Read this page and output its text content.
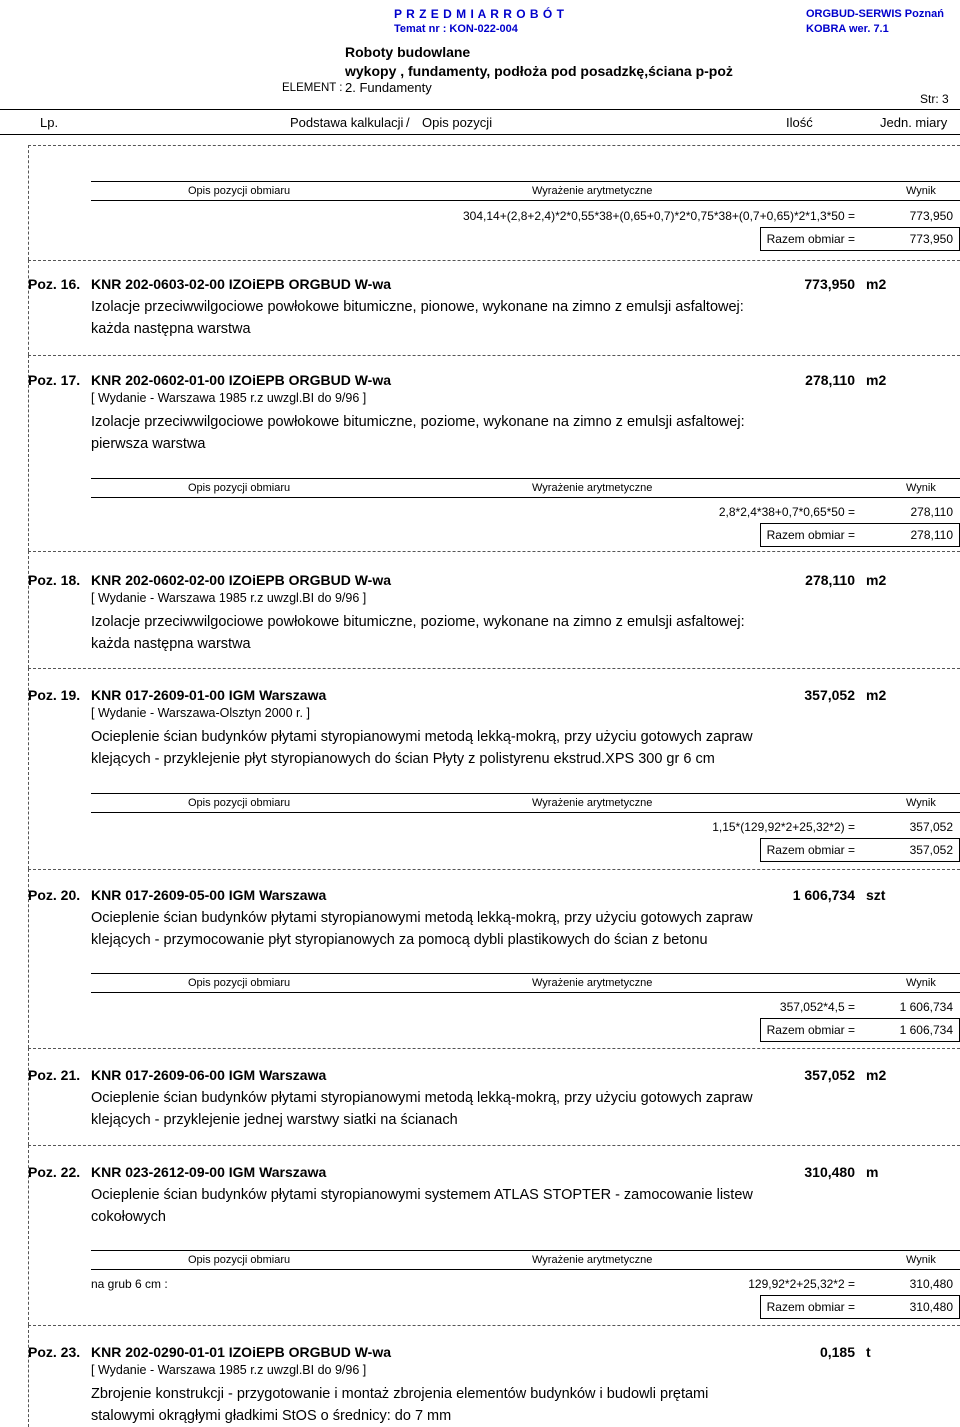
P R Z E D M I A R R O B Ó T
Temat nr : KON-022-004
ORGBUD-SERWIS Poznań
KOBRA wer. 7.1
Roboty budowlane
wykopy , fundamenty, podłoża pod posadzkę,ściana p-poż
ELEMENT : 2. Fundamenty
Str: 3
Lp.	Podstawa kalkulacji / Opis pozycji	Ilość	Jedn. miary
Opis pozycji obmiaru	Wyrażenie arytmetyczne	Wynik
304,14+(2,8+2,4)*2*0,55*38+(0,65+0,7)*2*0,75*38+(0,7+0,65)*2*1,3*50 =	773,950
Razem obmiar =	773,950
Poz. 16. KNR 202-0603-02-00 IZOiEPB ORGBUD W-wa	773,950 m2
Izolacje przeciwwilgociowe powłokowe bitumiczne, pionowe, wykonane na zimno z emulsji asfaltowej: każda następna warstwa
Poz. 17. KNR 202-0602-01-00 IZOiEPB ORGBUD W-wa	278,110 m2
[ Wydanie - Warszawa 1985 r.z uwzgl.BI do 9/96 ]
Izolacje przeciwwilgociowe powłokowe bitumiczne, poziome, wykonane na zimno z emulsji asfaltowej: pierwsza warstwa
Opis pozycji obmiaru	Wyrażenie arytmetyczne	Wynik
2,8*2,4*38+0,7*0,65*50 =	278,110
Razem obmiar =	278,110
Poz. 18. KNR 202-0602-02-00 IZOiEPB ORGBUD W-wa	278,110 m2
[ Wydanie - Warszawa 1985 r.z uwzgl.BI do 9/96 ]
Izolacje przeciwwilgociowe powłokowe bitumiczne, poziome, wykonane na zimno z emulsji asfaltowej: każda następna warstwa
Poz. 19. KNR 017-2609-01-00 IGM Warszawa	357,052 m2
[ Wydanie - Warszawa-Olsztyn 2000 r. ]
Ocieplenie ścian budynków płytami styropianowymi metodą lekką-mokrą, przy użyciu gotowych zapraw klejących - przyklejenie płyt styropianowych do ścian Płyty z polistyrenu ekstrud.XPS 300 gr 6 cm
Opis pozycji obmiaru	Wyrażenie arytmetyczne	Wynik
1,15*(129,92*2+25,32*2) =	357,052
Razem obmiar =	357,052
Poz. 20. KNR 017-2609-05-00 IGM Warszawa	1 606,734 szt
Ocieplenie ścian budynków płytami styropianowymi metodą lekką-mokrą, przy użyciu gotowych zapraw klejących - przymocowanie płyt styropianowych za pomocą dybli plastikowych do ścian z betonu
Opis pozycji obmiaru	Wyrażenie arytmetyczne	Wynik
357,052*4,5 =	1 606,734
Razem obmiar =	1 606,734
Poz. 21. KNR 017-2609-06-00 IGM Warszawa	357,052 m2
Ocieplenie ścian budynków płytami styropianowymi metodą lekką-mokrą, przy użyciu gotowych zapraw klejących - przyklejenie jednej warstwy siatki na ścianach
Poz. 22. KNR 023-2612-09-00 IGM Warszawa	310,480 m
Ocieplenie ścian budynków płytami styropianowymi systemem ATLAS STOPTER - zamocowanie listew cokołowych
Opis pozycji obmiaru	Wyrażenie arytmetyczne	Wynik
na grub 6 cm :	129,92*2+25,32*2 =	310,480
Razem obmiar =	310,480
Poz. 23. KNR 202-0290-01-01 IZOiEPB ORGBUD W-wa	0,185 t
[ Wydanie - Warszawa 1985 r.z uwzgl.BI do 9/96 ]
Zbrojenie konstrukcji - przygotowanie i montaż zbrojenia elementów budynków i budowli prętami stalowymi okrągłymi gładkimi StOS o średnicy: do 7 mm
